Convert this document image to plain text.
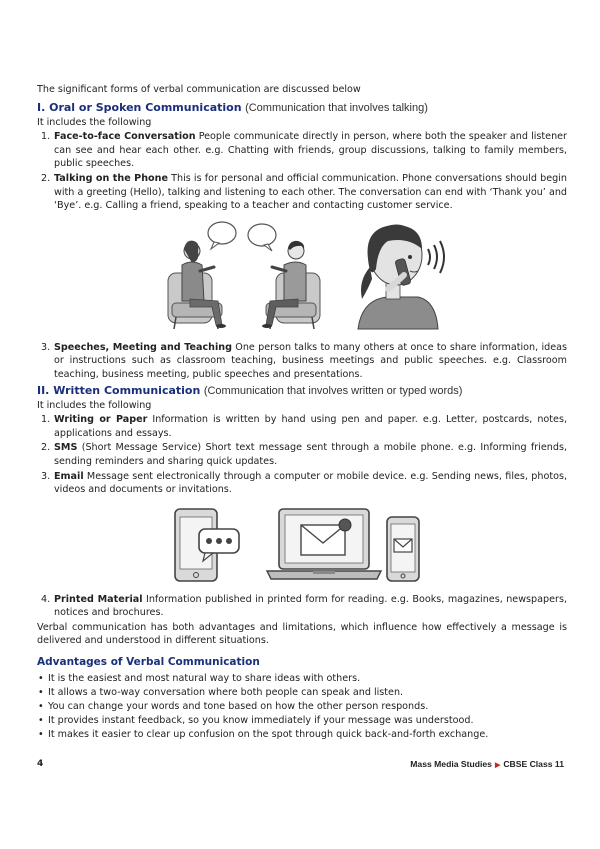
The significant forms of verbal communication are discussed below

I. Oral or Spoken Communication (Communication that involves talking)

It includes the following

1. Face-to-face Conversation People communicate directly in person, where both the speaker and listener can see and hear each other. e.g. Chatting with friends, group discussions, talking to family members, public speeches.
2. Talking on the Phone This is for personal and official communication. Phone conversations should begin with a greeting (Hello), talking and listening to each other. The conversation can end with ‘Thank you’ and ‘Bye’. e.g. Calling a friend, speaking to a teacher and contacting customer service.
3. Speeches, Meeting and Teaching One person talks to many others at once to share information, ideas or instructions such as classroom teaching, business meetings and public speeches. e.g. Classroom teaching, business meeting, public speeches and presentations.
II. Written Communication (Communication that involves written or typed words)

It includes the following

1. Writing or Paper Information is written by hand using pen and paper. e.g. Letter, postcards, notes, applications and essays.
2. SMS (Short Message Service) Short text message sent through a mobile phone. e.g. Informing friends, sending reminders and sharing quick updates.
3. Email Message sent electronically through a computer or mobile device. e.g. Sending news, files, photos, videos and documents or invitations.
4. Printed Material Information published in printed form for reading. e.g. Books, magazines, newspapers, notices and brochures.

Verbal communication has both advantages and limitations, which influence how effectively a message is delivered and understood in different situations.

Advantages of Verbal Communication

• It is the easiest and most natural way to share ideas with others.
• It allows a two-way conversation where both people can speak and listen.
• You can change your words and tone based on how the other person responds.
• It provides instant feedback, so you know immediately if your message was understood.
• It makes it easier to clear up confusion on the spot through quick back-and-forth exchange.
4	Mass Media Studies ▶ CBSE Class 11
